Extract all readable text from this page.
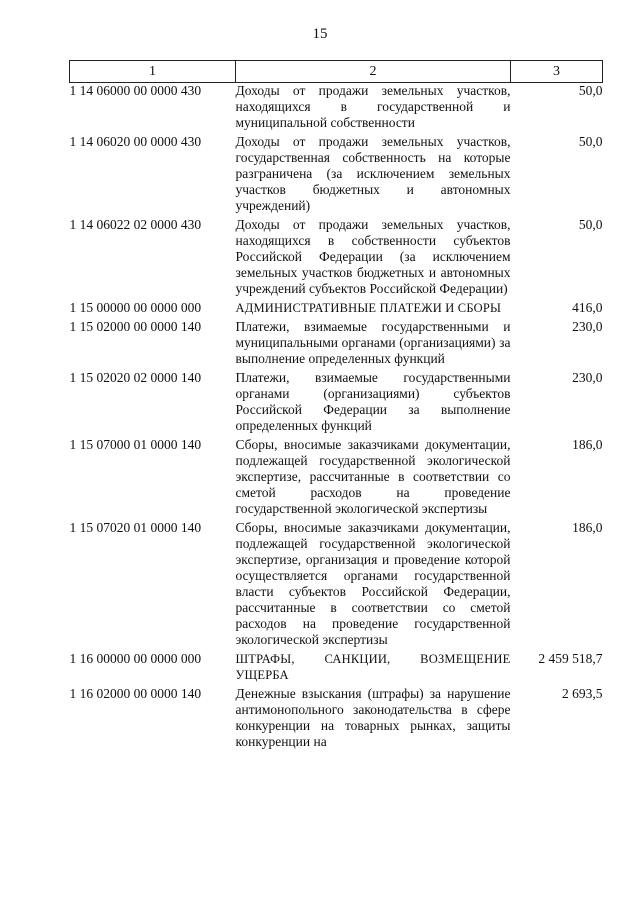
15
1	2	3
1 14 06000 00 0000 430	Доходы от продажи земельных участков, находящихся в государственной и муниципальной собственности	50,0
1 14 06020 00 0000 430	Доходы от продажи земельных участков, государственная собственность на которые разграничена (за исключением земельных участков бюджетных и автономных учреждений)	50,0
1 14 06022 02 0000 430	Доходы от продажи земельных участков, находящихся в собственности субъектов Российской Федерации (за исключением земельных участков бюджетных и автономных учреждений субъектов Российской Федерации)	50,0
1 15 00000 00 0000 000	АДМИНИСТРАТИВНЫЕ ПЛАТЕЖИ И СБОРЫ	416,0
1 15 02000 00 0000 140	Платежи, взимаемые государственными и муниципальными органами (организациями) за выполнение определенных функций	230,0
1 15 02020 02 0000 140	Платежи, взимаемые государственными органами (организациями) субъектов Российской Федерации за выполнение определенных функций	230,0
1 15 07000 01 0000 140	Сборы, вносимые заказчиками документации, подлежащей государственной экологической экспертизе, рассчитанные в соответствии со сметой расходов на проведение государственной экологической экспертизы	186,0
1 15 07020 01 0000 140	Сборы, вносимые заказчиками документации, подлежащей государственной экологической экспертизе, организация и проведение которой осуществляется органами государственной власти субъектов Российской Федерации, рассчитанные в соответствии со сметой расходов на проведение государственной экологической экспертизы	186,0
1 16 00000 00 0000 000	ШТРАФЫ, САНКЦИИ, ВОЗМЕЩЕНИЕ УЩЕРБА	2 459 518,7
1 16 02000 00 0000 140	Денежные взыскания (штрафы) за нарушение антимонопольного законодательства в сфере конкуренции на товарных рынках, защиты конкуренции на	2 693,5
